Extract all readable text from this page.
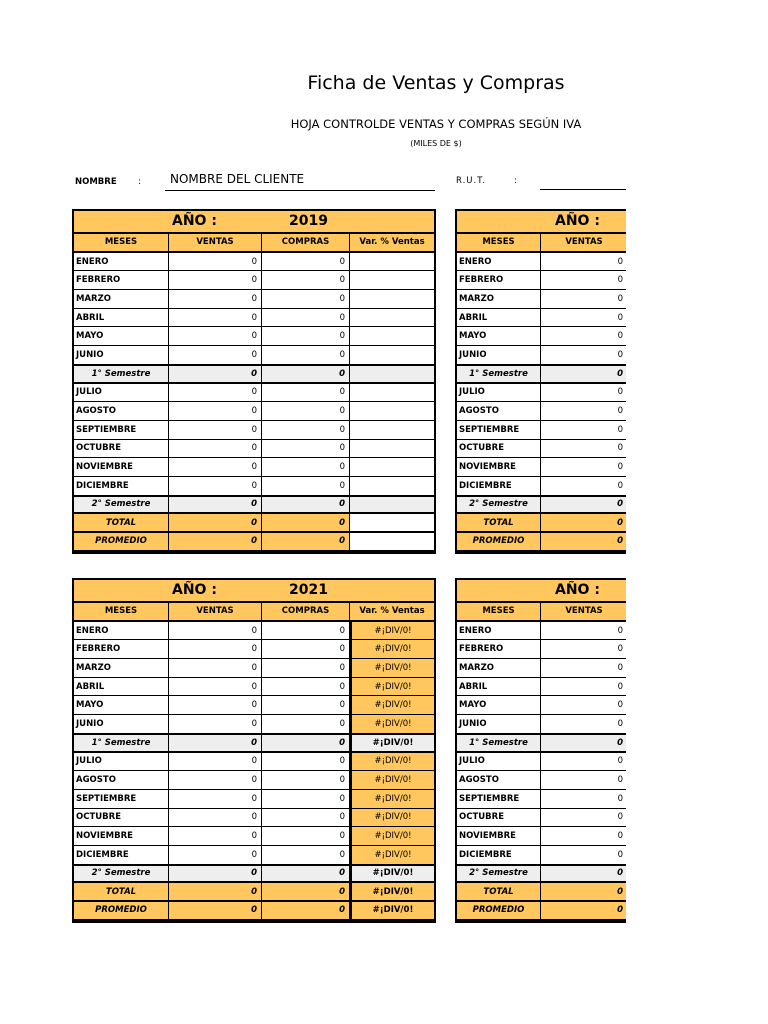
Ficha de Ventas y Compras
HOJA CONTROLDE VENTAS Y COMPRAS SEGÚN IVA
(MILES DE $)
NOMBRE	:	NOMBRE DEL CLIENTE	R.U.T.	:
AÑO :	2019
MESES	VENTAS	COMPRAS	Var. % Ventas
ENERO	0	0
FEBRERO	0	0
MARZO	0	0
ABRIL	0	0
MAYO	0	0
JUNIO	0	0
1° Semestre	0	0
JULIO	0	0
AGOSTO	0	0
SEPTIEMBRE	0	0
OCTUBRE	0	0
NOVIEMBRE	0	0
DICIEMBRE	0	0
2° Semestre	0	0
TOTAL	0	0
PROMEDIO	0	0
AÑO :
MESES	VENTAS
ENERO	0
FEBRERO	0
MARZO	0
ABRIL	0
MAYO	0
JUNIO	0
1° Semestre	0
JULIO	0
AGOSTO	0
SEPTIEMBRE	0
OCTUBRE	0
NOVIEMBRE	0
DICIEMBRE	0
2° Semestre	0
TOTAL	0
PROMEDIO	0
AÑO :	2021
MESES	VENTAS	COMPRAS	Var. % Ventas
ENERO	0	0	#¡DIV/0!
FEBRERO	0	0	#¡DIV/0!
MARZO	0	0	#¡DIV/0!
ABRIL	0	0	#¡DIV/0!
MAYO	0	0	#¡DIV/0!
JUNIO	0	0	#¡DIV/0!
1° Semestre	0	0	#¡DIV/0!
JULIO	0	0	#¡DIV/0!
AGOSTO	0	0	#¡DIV/0!
SEPTIEMBRE	0	0	#¡DIV/0!
OCTUBRE	0	0	#¡DIV/0!
NOVIEMBRE	0	0	#¡DIV/0!
DICIEMBRE	0	0	#¡DIV/0!
2° Semestre	0	0	#¡DIV/0!
TOTAL	0	0	#¡DIV/0!
PROMEDIO	0	0	#¡DIV/0!
AÑO :
MESES	VENTAS
ENERO	0
FEBRERO	0
MARZO	0
ABRIL	0
MAYO	0
JUNIO	0
1° Semestre	0
JULIO	0
AGOSTO	0
SEPTIEMBRE	0
OCTUBRE	0
NOVIEMBRE	0
DICIEMBRE	0
2° Semestre	0
TOTAL	0
PROMEDIO	0
